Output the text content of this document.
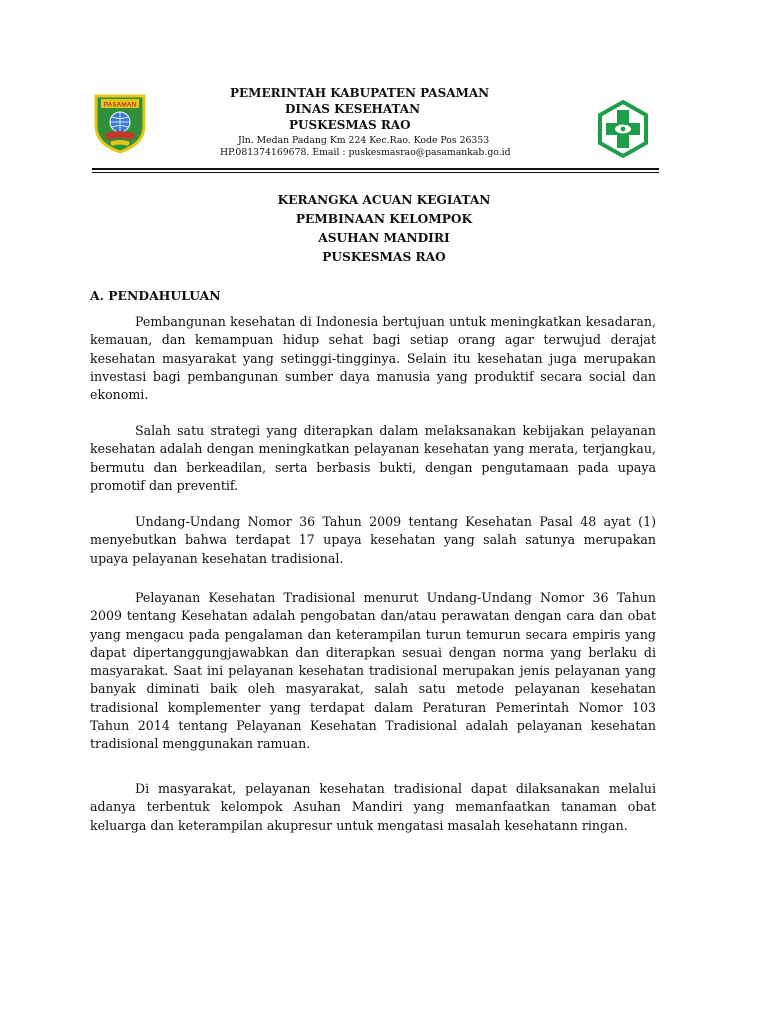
PASAMAN
PEMERINTAH KABUPATEN PASAMAN
DINAS KESEHATAN
PUSKESMAS RAO
Jln. Medan Padang Km 224 Kec.Rao. Kode Pos 26353
HP.081374169678. Email : puskesmasrao@pasamankab.go.id
KERANGKA ACUAN KEGIATAN
PEMBINAAN KELOMPOK
ASUHAN MANDIRI
PUSKESMAS RAO
A. PENDAHULUAN

Pembangunan kesehatan di Indonesia bertujuan untuk meningkatkan kesadaran, kemauan, dan kemampuan hidup sehat bagi setiap orang agar terwujud derajat kesehatan masyarakat yang setinggi-tingginya. Selain itu kesehatan juga merupakan investasi bagi pembangunan sumber daya manusia yang produktif secara social dan ekonomi.

Salah satu strategi yang diterapkan dalam melaksanakan kebijakan pelayanan kesehatan adalah dengan meningkatkan pelayanan kesehatan yang merata, terjangkau, bermutu dan berkeadilan, serta berbasis bukti, dengan pengutamaan pada upaya promotif dan preventif.

Undang-Undang Nomor 36 Tahun 2009 tentang Kesehatan Pasal 48 ayat (1) menyebutkan bahwa terdapat 17 upaya kesehatan yang salah satunya merupakan upaya pelayanan kesehatan tradisional.

Pelayanan Kesehatan Tradisional menurut Undang-Undang Nomor 36 Tahun 2009 tentang Kesehatan adalah pengobatan dan/atau perawatan dengan cara dan obat yang mengacu pada pengalaman dan keterampilan turun temurun secara empiris yang dapat dipertanggungjawabkan dan diterapkan sesuai dengan norma yang berlaku di masyarakat. Saat ini pelayanan kesehatan tradisional merupakan jenis pelayanan yang banyak diminati baik oleh masyarakat, salah satu metode pelayanan kesehatan tradisional komplementer yang terdapat dalam Peraturan Pemerintah Nomor 103 Tahun 2014 tentang Pelayanan Kesehatan Tradisional adalah pelayanan kesehatan tradisional menggunakan ramuan.

Di masyarakat, pelayanan kesehatan tradisional dapat dilaksanakan melalui adanya terbentuk kelompok Asuhan Mandiri yang memanfaatkan tanaman obat keluarga dan keterampilan akupresur untuk mengatasi masalah kesehatann ringan.
